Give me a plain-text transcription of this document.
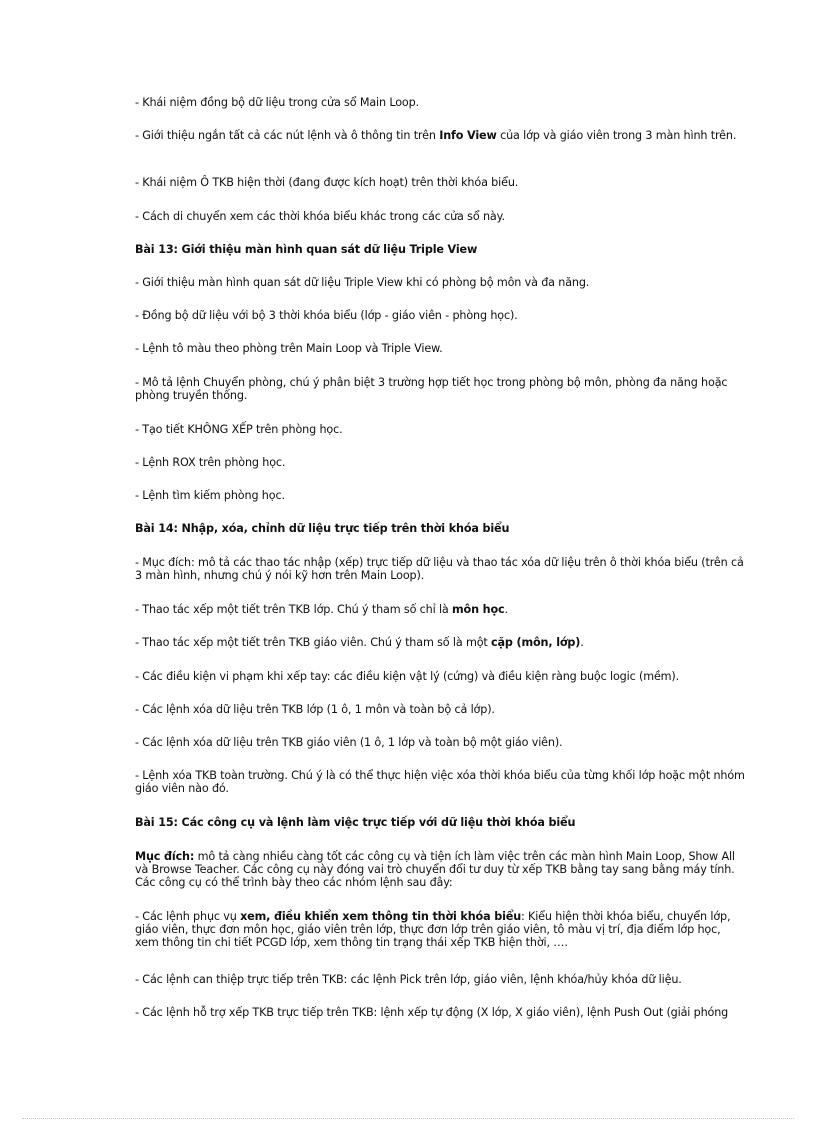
- Khái niệm đồng bộ dữ liệu trong cửa sổ Main Loop.

- Giới thiệu ngắn tất cả các nút lệnh và ô thông tin trên Info View của lớp và giáo viên trong 3 màn hình trên.

- Khái niệm Ô TKB hiện thời (đang được kích hoạt) trên thời khóa biểu.

- Cách di chuyển xem các thời khóa biểu khác trong các cửa sổ này.

Bài 13: Giới thiệu màn hình quan sát dữ liệu Triple View

- Giới thiệu màn hình quan sát dữ liệu Triple View khi có phòng bộ môn và đa năng.

- Đồng bộ dữ liệu với bộ 3 thời khóa biểu (lớp - giáo viên - phòng học).

- Lệnh tô màu theo phòng trên Main Loop và Triple View.

- Mô tả lệnh Chuyển phòng, chú ý phân biệt 3 trường hợp tiết học trong phòng bộ môn, phòng đa năng hoặc phòng truyền thống.

- Tạo tiết KHÔNG XẾP trên phòng học.

- Lệnh ROX trên phòng học.

- Lệnh tìm kiếm phòng học.

Bài 14: Nhập, xóa, chỉnh dữ liệu trực tiếp trên thời khóa biểu

- Mục đích: mô tả các thao tác nhập (xếp) trực tiếp dữ liệu và thao tác xóa dữ liệu trên ô thời khóa biểu (trên cả 3 màn hình, nhưng chú ý nói kỹ hơn trên Main Loop).

- Thao tác xếp một tiết trên TKB lớp. Chú ý tham số chỉ là môn học.

- Thao tác xếp một tiết trên TKB giáo viên. Chú ý tham số là một cặp (môn, lớp).

- Các điều kiện vi phạm khi xếp tay: các điều kiện vật lý (cứng) và điều kiện ràng buộc logic (mềm).

- Các lệnh xóa dữ liệu trên TKB lớp (1 ô, 1 môn và toàn bộ cả lớp).

- Các lệnh xóa dữ liệu trên TKB giáo viên (1 ô, 1 lớp và toàn bộ một giáo viên).

- Lệnh xóa TKB toàn trường. Chú ý là có thể thực hiện việc xóa thời khóa biểu của từng khối lớp hoặc một nhóm giáo viên nào đó.

Bài 15: Các công cụ và lệnh làm việc trực tiếp với dữ liệu thời khóa biểu

Mục đích: mô tả càng nhiều càng tốt các công cụ và tiện ích làm việc trên các màn hình Main Loop, Show All và Browse Teacher. Các công cụ này đóng vai trò chuyển đổi tư duy từ xếp TKB bằng tay sang bằng máy tính. Các công cụ có thể trình bày theo các nhóm lệnh sau đây:

- Các lệnh phục vụ xem, điều khiển xem thông tin thời khóa biểu: Kiểu hiện thời khóa biểu, chuyển lớp, giáo viên, thực đơn môn học, giáo viên trên lớp, thực đơn lớp trên giáo viên, tô màu vị trí, địa điểm lớp học, xem thông tin chi tiết PCGD lớp, xem thông tin trạng thái xếp TKB hiện thời, ….

- Các lệnh can thiệp trực tiếp trên TKB: các lệnh Pick trên lớp, giáo viên, lệnh khóa/hủy khóa dữ liệu.

- Các lệnh hỗ trợ xếp TKB trực tiếp trên TKB: lệnh xếp tự động (X lớp, X giáo viên), lệnh Push Out (giải phóng
